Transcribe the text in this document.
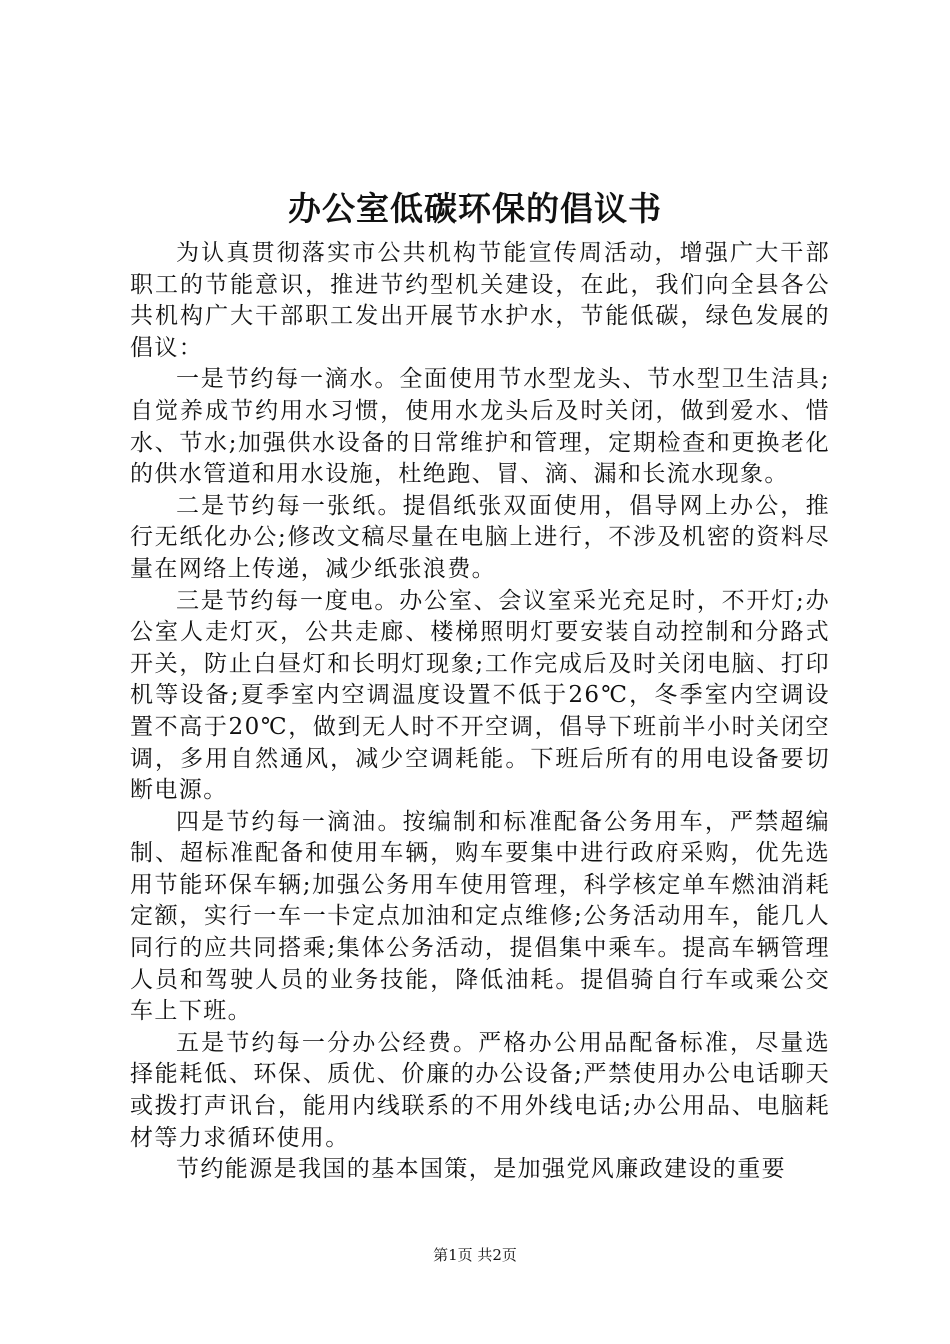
办公室低碳环保的倡议书

为认真贯彻落实市公共机构节能宣传周活动，增强广大干部职工的节能意识，推进节约型机关建设，在此，我们向全县各公共机构广大干部职工发出开展节水护水，节能低碳，绿色发展的倡议：

一是节约每一滴水。全面使用节水型龙头、节水型卫生洁具;自觉养成节约用水习惯，使用水龙头后及时关闭，做到爱水、惜水、节水;加强供水设备的日常维护和管理，定期检查和更换老化的供水管道和用水设施，杜绝跑、冒、滴、漏和长流水现象。

二是节约每一张纸。提倡纸张双面使用，倡导网上办公，推行无纸化办公;修改文稿尽量在电脑上进行，不涉及机密的资料尽量在网络上传递，减少纸张浪费。

三是节约每一度电。办公室、会议室采光充足时，不开灯;办公室人走灯灭，公共走廊、楼梯照明灯要安装自动控制和分路式开关，防止白昼灯和长明灯现象;工作完成后及时关闭电脑、打印机等设备;夏季室内空调温度设置不低于26℃，冬季室内空调设置不高于20℃，做到无人时不开空调，倡导下班前半小时关闭空调，多用自然通风，减少空调耗能。下班后所有的用电设备要切断电源。

四是节约每一滴油。按编制和标准配备公务用车，严禁超编制、超标准配备和使用车辆，购车要集中进行政府采购，优先选用节能环保车辆;加强公务用车使用管理，科学核定单车燃油消耗定额，实行一车一卡定点加油和定点维修;公务活动用车，能几人同行的应共同搭乘;集体公务活动，提倡集中乘车。提高车辆管理人员和驾驶人员的业务技能，降低油耗。提倡骑自行车或乘公交车上下班。

五是节约每一分办公经费。严格办公用品配备标准，尽量选择能耗低、环保、质优、价廉的办公设备;严禁使用办公电话聊天或拨打声讯台，能用内线联系的不用外线电话;办公用品、电脑耗材等力求循环使用。

节约能源是我国的基本国策，是加强党风廉政建设的重要

第1页 共2页
